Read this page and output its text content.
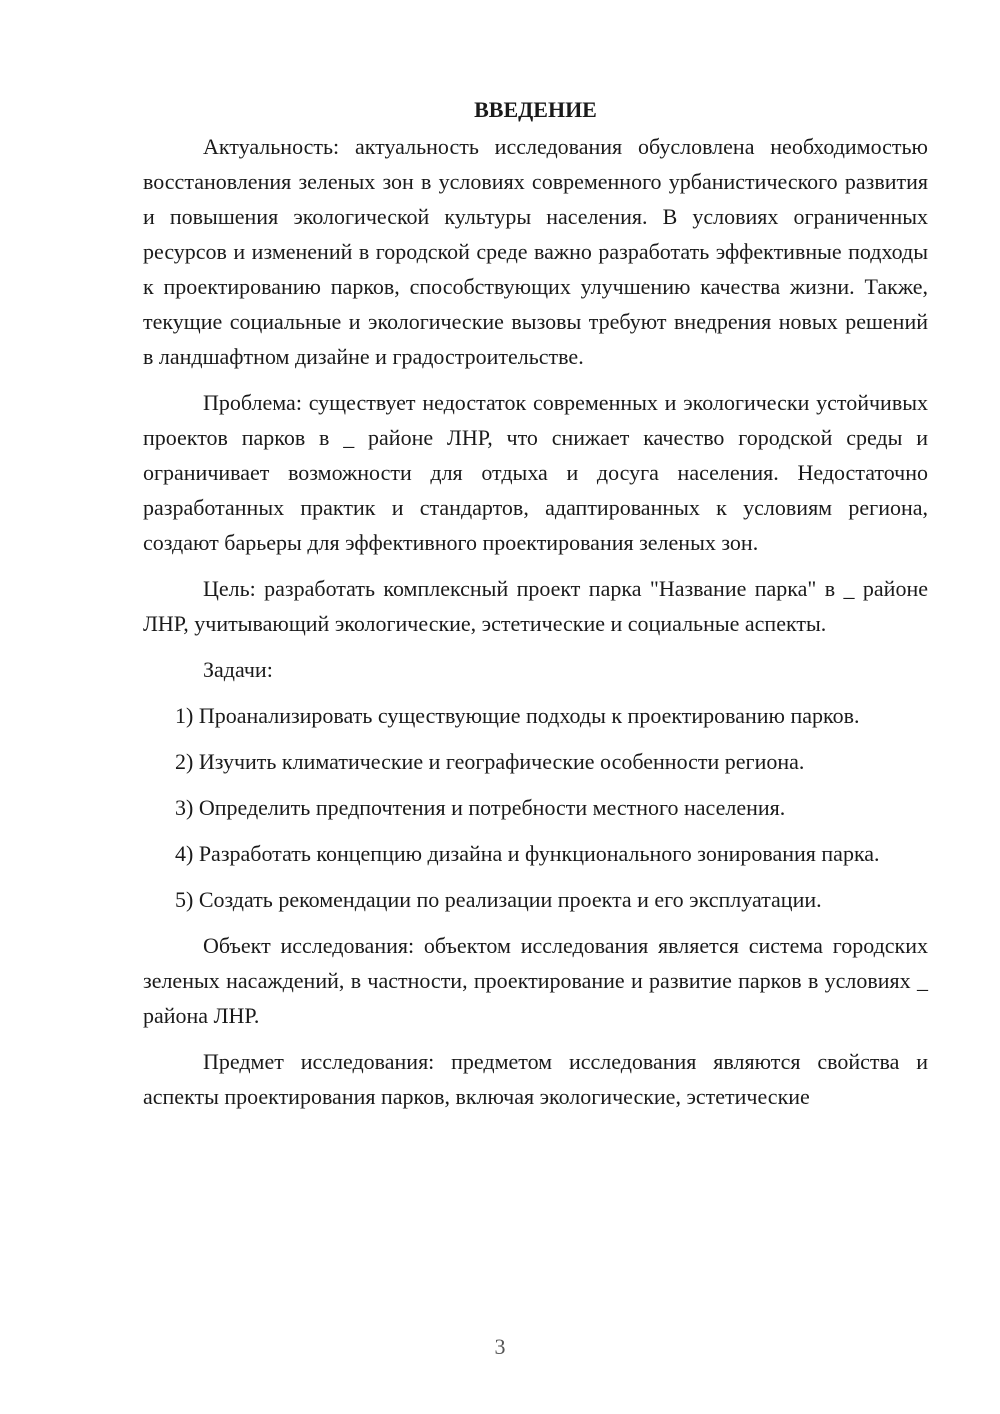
ВВЕДЕНИЕ

Актуальность: актуальность исследования обусловлена необходимостью восстановления зеленых зон в условиях современного урбанистического развития и повышения экологической культуры населения. В условиях ограниченных ресурсов и изменений в городской среде важно разработать эффективные подходы к проектированию парков, способствующих улучшению качества жизни. Также, текущие социальные и экологические вызовы требуют внедрения новых решений в ландшафтном дизайне и градостроительстве.

Проблема: существует недостаток современных и экологически устойчивых проектов парков в _ районе ЛНР, что снижает качество городской среды и ограничивает возможности для отдыха и досуга населения. Недостаточно разработанных практик и стандартов, адаптированных к условиям региона, создают барьеры для эффективного проектирования зеленых зон.

Цель: разработать комплексный проект парка "Название парка" в _ районе ЛНР, учитывающий экологические, эстетические и социальные аспекты.

Задачи:

1) Проанализировать существующие подходы к проектированию парков.

2) Изучить климатические и географические особенности региона.

3) Определить предпочтения и потребности местного населения.

4) Разработать концепцию дизайна и функционального зонирования парка.

5) Создать рекомендации по реализации проекта и его эксплуатации.

Объект исследования: объектом исследования является система городских зеленых насаждений, в частности, проектирование и развитие парков в условиях _ района ЛНР.

Предмет исследования: предметом исследования являются свойства и аспекты проектирования парков, включая экологические, эстетические

3
